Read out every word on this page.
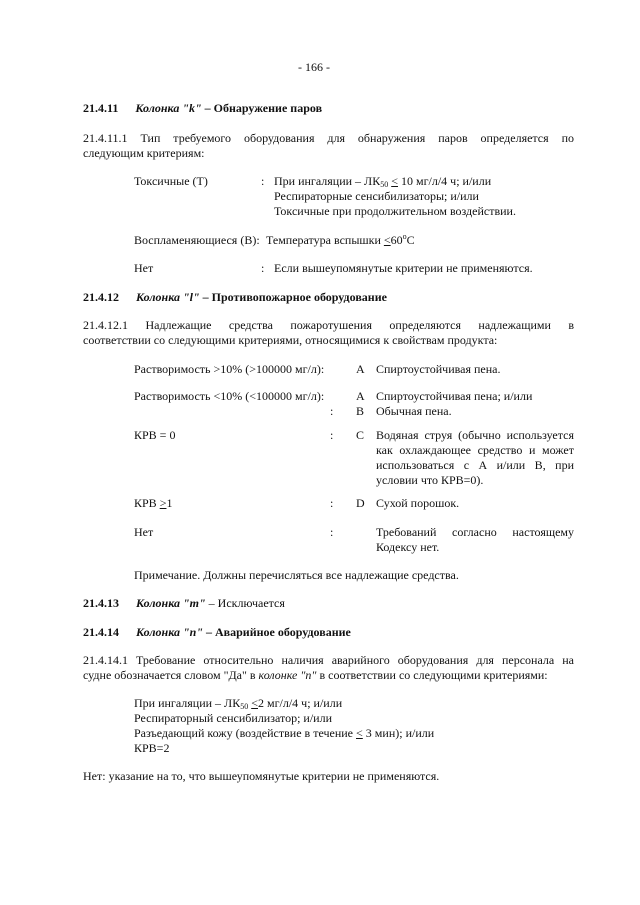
- 166 -
21.4.11 Колонка "k" – Обнаружение паров
21.4.11.1 Тип требуемого оборудования для обнаружения паров определяется по
следующим критериям:
Токсичные (Т)	: При ингаляции – $ЛК_{50} \le 10$ мг/л/4 ч; и/или
Респираторные сенсибилизаторы; и/или
Токсичные при продолжительном воздействии.
Воспламеняющиеся (B): Температура вспышки $\le 60^oC$
Нет	: Если вышеупомянутые критерии не применяются.
21.4.12 Колонка "l" – Противопожарное оборудование
21.4.12.1 Надлежащие средства пожаротушения определяются надлежащими в
соответствии со следующими критериями, относящимися к свойствам продукта:
Растворимость >10% (>100000 мг/л):	A Спиртоустойчивая пена.
Растворимость <10% (<100000 мг/л):	A Спиртоустойчивая пена; и/или
: B Обычная пена.
КРВ = 0	: C Водяная струя (обычно используется
как охлаждающее средство и может
использоваться с А и/или В, при
условии что КРВ=0).
КРВ ≥1	: D Сухой порошок.
Нет	:	Требований согласно настоящему
Кодексу нет.
Примечание. Должны перечисляться все надлежащие средства.
21.4.13 Колонка "m" – Исключается
21.4.14 Колонка "n" – Аварийное оборудование
21.4.14.1 Требование относительно наличия аварийного оборудования для персонала на
судне обозначается словом "Да" в колонке "n" в соответствии со следующими критериями:
При ингаляции – $ЛК_{50} \le 2$ мг/л/4 ч; и/или
Респираторный сенсибилизатор; и/или
Разъедающий кожу (воздействие в течение ≤ 3 мин); и/или
КРВ=2
Нет: указание на то, что вышеупомянутые критерии не применяются.
